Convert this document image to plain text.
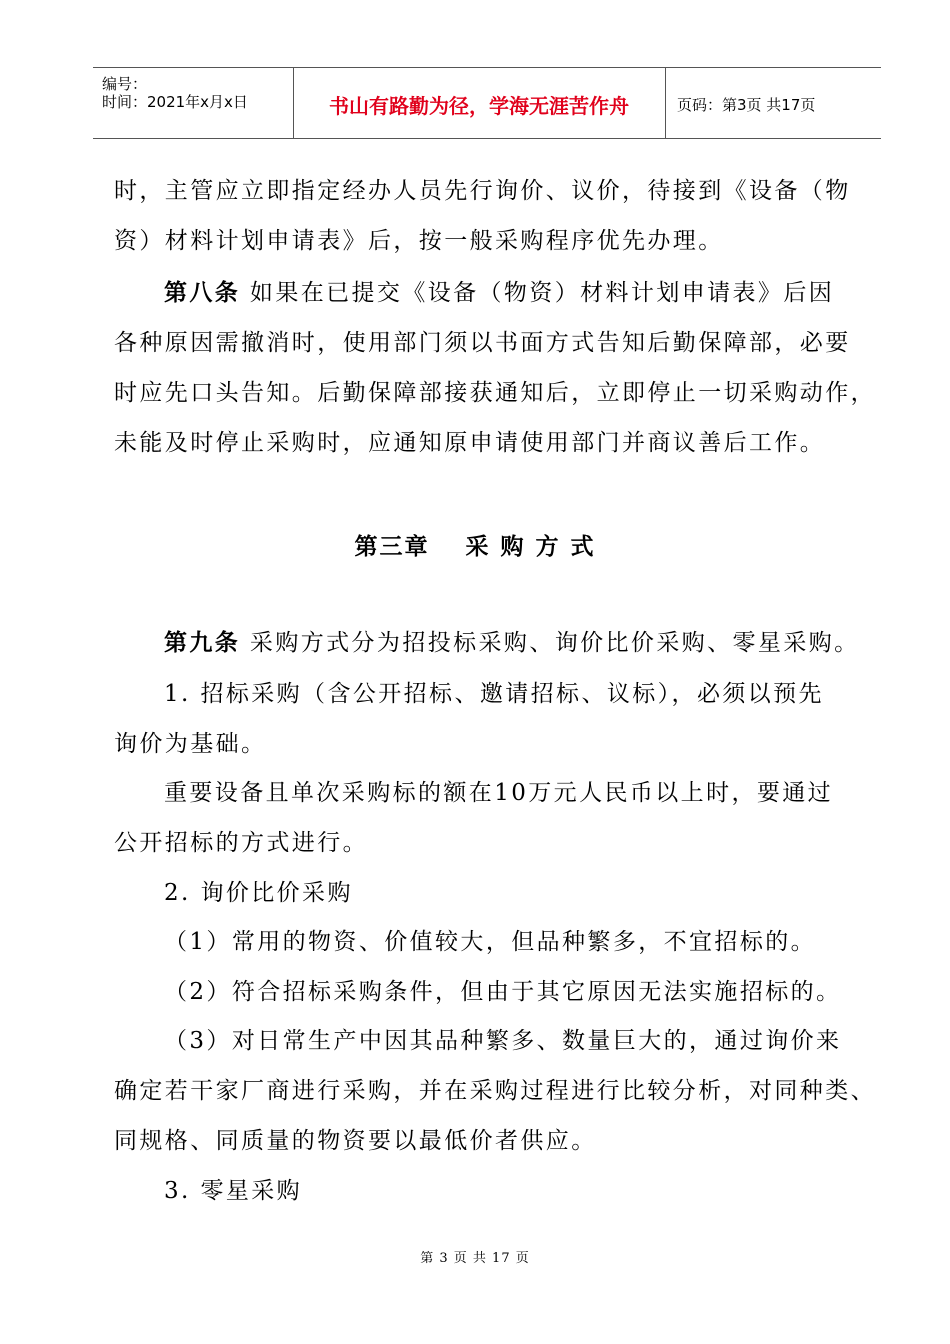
编号：
时间：2021年x月x日	书山有路勤为径，学海无涯苦作舟	页码：第3页 共17页
时，主管应立即指定经办人员先行询价、议价，待接到《设备（物
资）材料计划申请表》后，按一般采购程序优先办理。
第八条 如果在已提交《设备（物资）材料计划申请表》后因
各种原因需撤消时，使用部门须以书面方式告知后勤保障部，必要
时应先口头告知。后勤保障部接获通知后，立即停止一切采购动作，
未能及时停止采购时，应通知原申请使用部门并商议善后工作。
第三章 采 购 方 式
第九条 采购方式分为招投标采购、询价比价采购、零星采购。
1. 招标采购（含公开招标、邀请招标、议标），必须以预先
询价为基础。
重要设备且单次采购标的额在10万元人民币以上时，要通过
公开招标的方式进行。
2. 询价比价采购
（1）常用的物资、价值较大，但品种繁多，不宜招标的。
（2）符合招标采购条件，但由于其它原因无法实施招标的。
（3）对日常生产中因其品种繁多、数量巨大的，通过询价来
确定若干家厂商进行采购，并在采购过程进行比较分析，对同种类、
同规格、同质量的物资要以最低价者供应。
3. 零星采购
第 3 页 共 17 页
